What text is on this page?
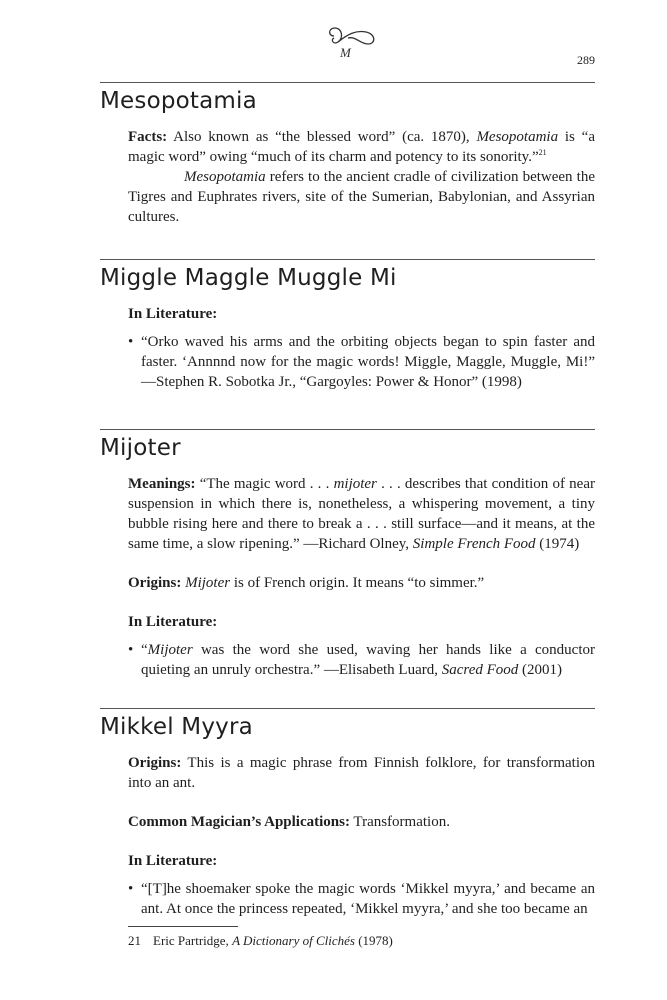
M	289
Mesopotamia

Facts: Also known as “the blessed word” (ca. 1870), Mesopotamia is “a magic word” owing “much of its charm and potency to its sonority.”$^{21}$

Mesopotamia refers to the ancient cradle of civilization between the Tigres and Euphrates rivers, site of the Sumerian, Babylonian, and Assyrian cultures.

Miggle Maggle Muggle Mi

In Literature:

• “Orko waved his arms and the orbiting objects began to spin faster and faster. ‘Annnnd now for the magic words! Miggle, Maggle, Muggle, Mi!” —Stephen R. Sobotka Jr., “Gargoyles: Power & Honor” (1998)

Mijoter

Meanings: “The magic word . . . mijoter . . . describes that condition of near suspension in which there is, nonetheless, a whispering movement, a tiny bubble rising here and there to break a . . . still surface—and it means, at the same time, a slow ripening.” —Richard Olney, Simple French Food (1974)

Origins: Mijoter is of French origin. It means “to simmer.”

In Literature:

• “Mijoter was the word she used, waving her hands like a conductor quieting an unruly orchestra.” —Elisabeth Luard, Sacred Food (2001)

Mikkel Myyra

Origins: This is a magic phrase from Finnish folklore, for transformation into an ant.

Common Magician’s Applications: Transformation.

In Literature:

• “[T]he shoemaker spoke the magic words ‘Mikkel myyra,’ and became an ant. At once the princess repeated, ‘Mikkel myyra,’ and she too became an

21 Eric Partridge, A Dictionary of Clichés (1978)
